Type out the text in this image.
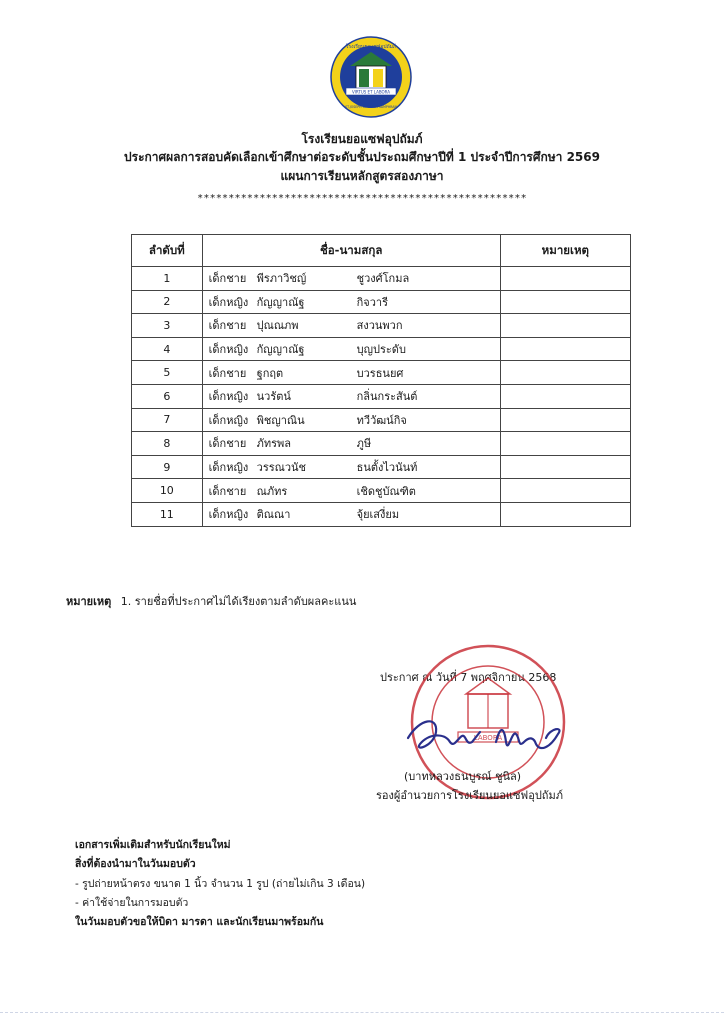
VIRTUS ET LABORA
โรงเรียนยอแซฟอุปถัมภ์
ST.JOSEPH UPATHAM SAMPHRAN
โรงเรียนยอแซฟอุปถัมภ์
ประกาศผลการสอบคัดเลือกเข้าศึกษาต่อระดับชั้นประถมศึกษาปีที่ 1 ประจำปีการศึกษา 2569
แผนการเรียนหลักสูตรสองภาษา
*****************************************************
ลำดับที่	ชื่อ-นามสกุล	หมายเหตุ
1	เด็กชาย พีรภาวิชญ์ ชูวงศ์โกมล	

2	เด็กหญิง กัญญาณัฐ กิจวารี	

3	เด็กชาย ปุณณภพ สงวนพวก	

4	เด็กหญิง กัญญาณัฐ บุญประดับ	

5	เด็กชาย ฐกฤต บวรธนยศ	

6	เด็กหญิง นวรัตน์ กลิ่นกระสันต์	

7	เด็กหญิง พิชญาณิน ทวีวัฒน์กิจ	

8	เด็กชาย ภัทรพล ภูษี	

9	เด็กหญิง วรรณวนัช ธนตั้งไวนันท์	

10	เด็กชาย ณภัทร เชิดชูบัณฑิต	

11	เด็กหญิง ติณณา จุ้ยเสงี่ยม	

หมายเหตุ 1. รายชื่อที่ประกาศไม่ได้เรียงตามลำดับผลคะแนน
ประกาศ ณ วันที่ 7 พฤศจิกายน 2568
LABORA
(บาทหลวงธนบูรณ์ ชูนิล)
รองผู้อำนวยการโรงเรียนยอแซฟอุปถัมภ์
เอกสารเพิ่มเติมสำหรับนักเรียนใหม่
สิ่งที่ต้องนำมาในวันมอบตัว
- รูปถ่ายหน้าตรง ขนาด 1 นิ้ว จำนวน 1 รูป (ถ่ายไม่เกิน 3 เดือน)
- ค่าใช้จ่ายในการมอบตัว
ในวันมอบตัวขอให้บิดา มารดา และนักเรียนมาพร้อมกัน
